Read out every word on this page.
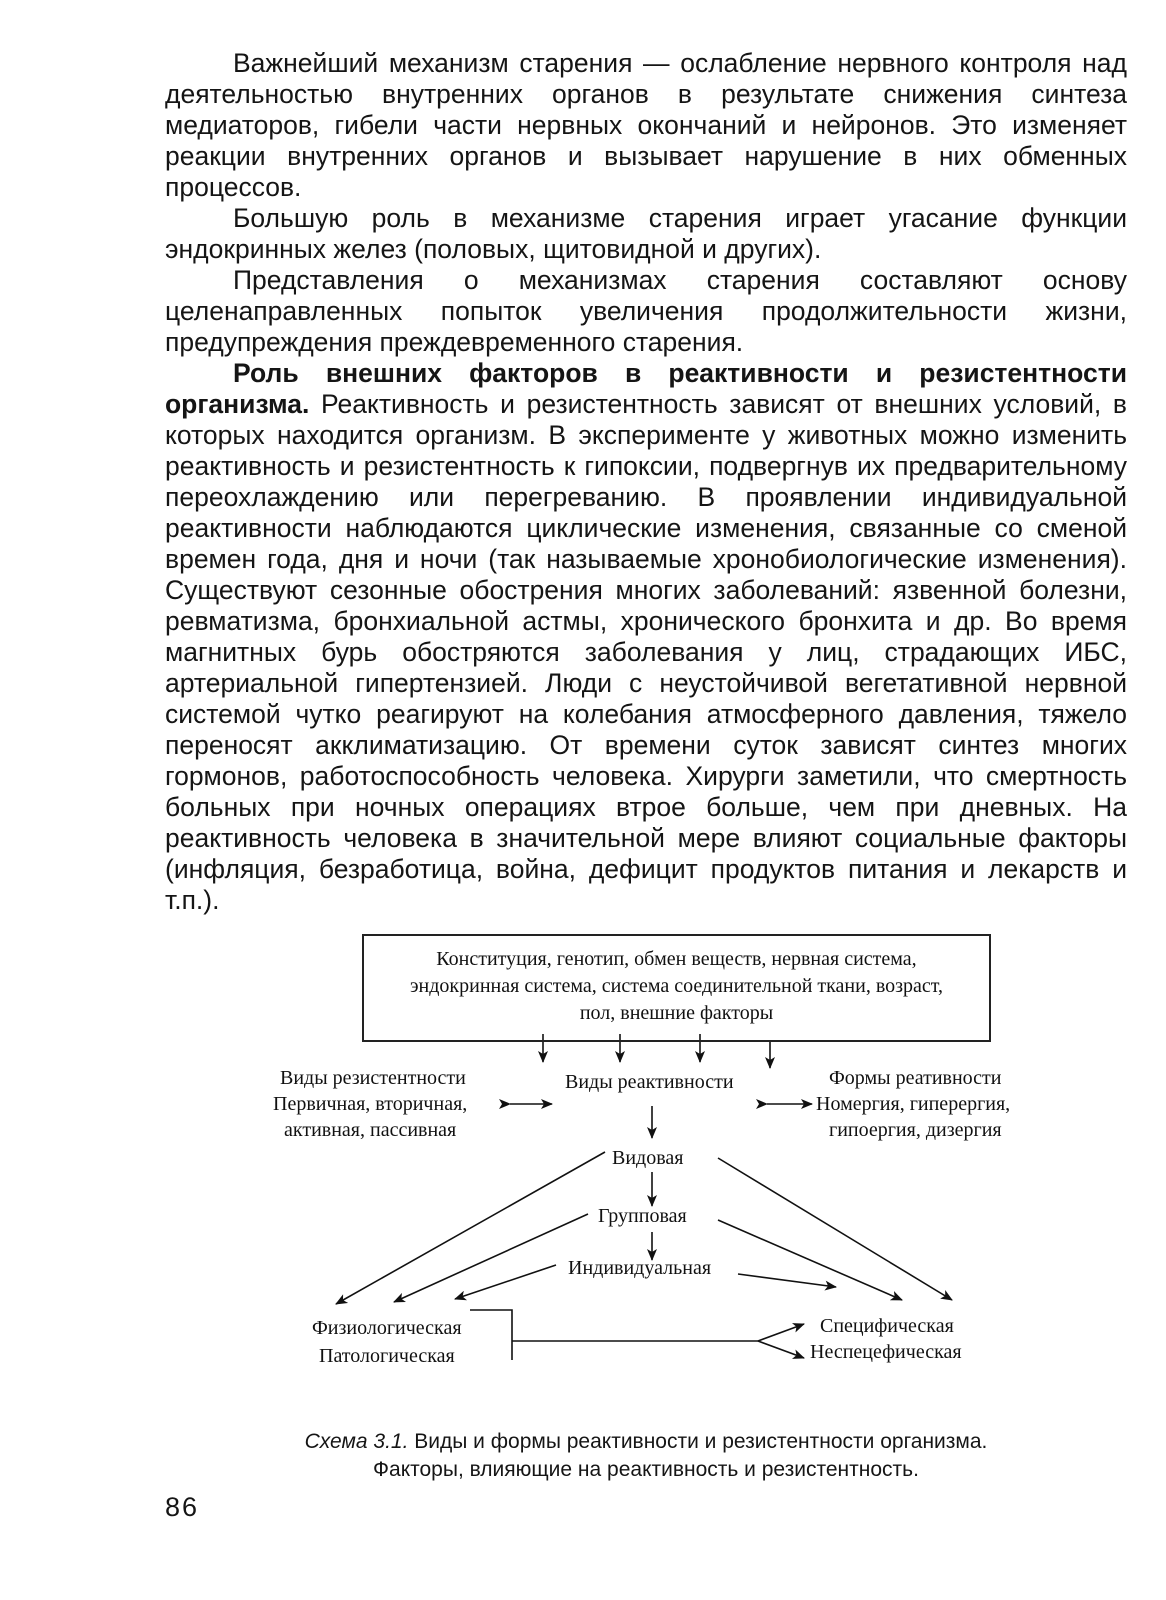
Важнейший механизм старения — ослабление нервного контроля над деятельностью внутренних органов в результате снижения синтеза медиаторов, гибели части нервных окончаний и нейронов. Это изменяет реакции внутренних органов и вызывает нарушение в них обменных процессов.

Большую роль в механизме старения играет угасание функции эндокринных желез (половых, щитовидной и других).

Представления о механизмах старения составляют основу целенаправленных попыток увеличения продолжительности жизни, предупреждения преждевременного старения.

Роль внешних факторов в реактивности и резистентности организма. Реактивность и резистентность зависят от внешних условий, в которых находится организм. В эксперименте у животных можно изменить реактивность и резистентность к гипоксии, подвергнув их предварительному переохлаждению или перегреванию. В проявлении индивидуальной реактивности наблюдаются циклические изменения, связанные со сменой времен года, дня и ночи (так называемые хронобиологические изменения). Существуют сезонные обострения многих заболеваний: язвенной болезни, ревматизма, бронхиальной астмы, хронического бронхита и др. Во время магнитных бурь обостряются заболевания у лиц, страдающих ИБС, артериальной гипертензией. Люди с неустойчивой вегетативной нервной системой чутко реагируют на колебания атмосферного давления, тяжело переносят акклиматизацию. От времени суток зависят синтез многих гормонов, работоспособность человека. Хирурги заметили, что смертность больных при ночных операциях втрое больше, чем при дневных. На реактивность человека в значительной мере влияют социальные факторы (инфляция, безработица, война, дефицит продуктов питания и лекарств и т.п.).

Конституция, генотип, обмен веществ, нервная система,
эндокринная система, система соединительной ткани, возраст,
пол, внешние факторы
Виды резистентности
Первичная, вторичная,
активная, пассивная
Виды реактивности	Формы реативности
Номергия, гиперергия,
гипоергия, дизергия
Видовая
Групповая
Индивидуальная
Физиологическая
Патологическая
Специфическая
Неспецефическая
Схема 3.1. Виды и формы реактивности и резистентности организма.
Факторы, влияющие на реактивность и резистентность.
86
